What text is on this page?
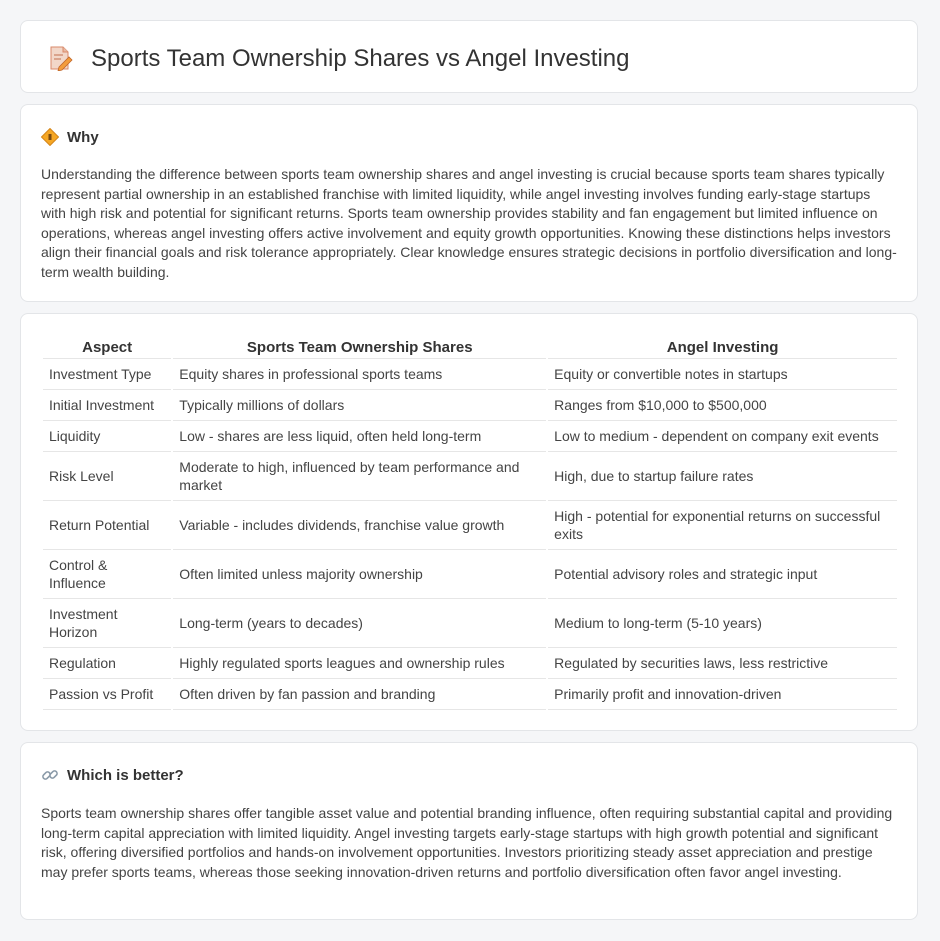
Sports Team Ownership Shares vs Angel Investing
Why

Understanding the difference between sports team ownership shares and angel investing is crucial because sports team shares typically represent partial ownership in an established franchise with limited liquidity, while angel investing involves funding early-stage startups with high risk and potential for significant returns. Sports team ownership provides stability and fan engagement but limited influence on operations, whereas angel investing offers active involvement and equity growth opportunities. Knowing these distinctions helps investors align their financial goals and risk tolerance appropriately. Clear knowledge ensures strategic decisions in portfolio diversification and long-term wealth building.

Aspect	Sports Team Ownership Shares	Angel Investing
Investment Type	Equity shares in professional sports teams	Equity or convertible notes in startups
Initial Investment	Typically millions of dollars	Ranges from $10,000 to $500,000
Liquidity	Low - shares are less liquid, often held long-term	Low to medium - dependent on company exit events
Risk Level	Moderate to high, influenced by team performance and market	High, due to startup failure rates
Return Potential	Variable - includes dividends, franchise value growth	High - potential for exponential returns on successful exits
Control & Influence	Often limited unless majority ownership	Potential advisory roles and strategic input
Investment Horizon	Long-term (years to decades)	Medium to long-term (5-10 years)
Regulation	Highly regulated sports leagues and ownership rules	Regulated by securities laws, less restrictive
Passion vs Profit	Often driven by fan passion and branding	Primarily profit and innovation-driven
Which is better?

Sports team ownership shares offer tangible asset value and potential branding influence, often requiring substantial capital and providing long-term capital appreciation with limited liquidity. Angel investing targets early-stage startups with high growth potential and significant risk, offering diversified portfolios and hands-on involvement opportunities. Investors prioritizing steady asset appreciation and prestige may prefer sports teams, whereas those seeking innovation-driven returns and portfolio diversification often favor angel investing.
